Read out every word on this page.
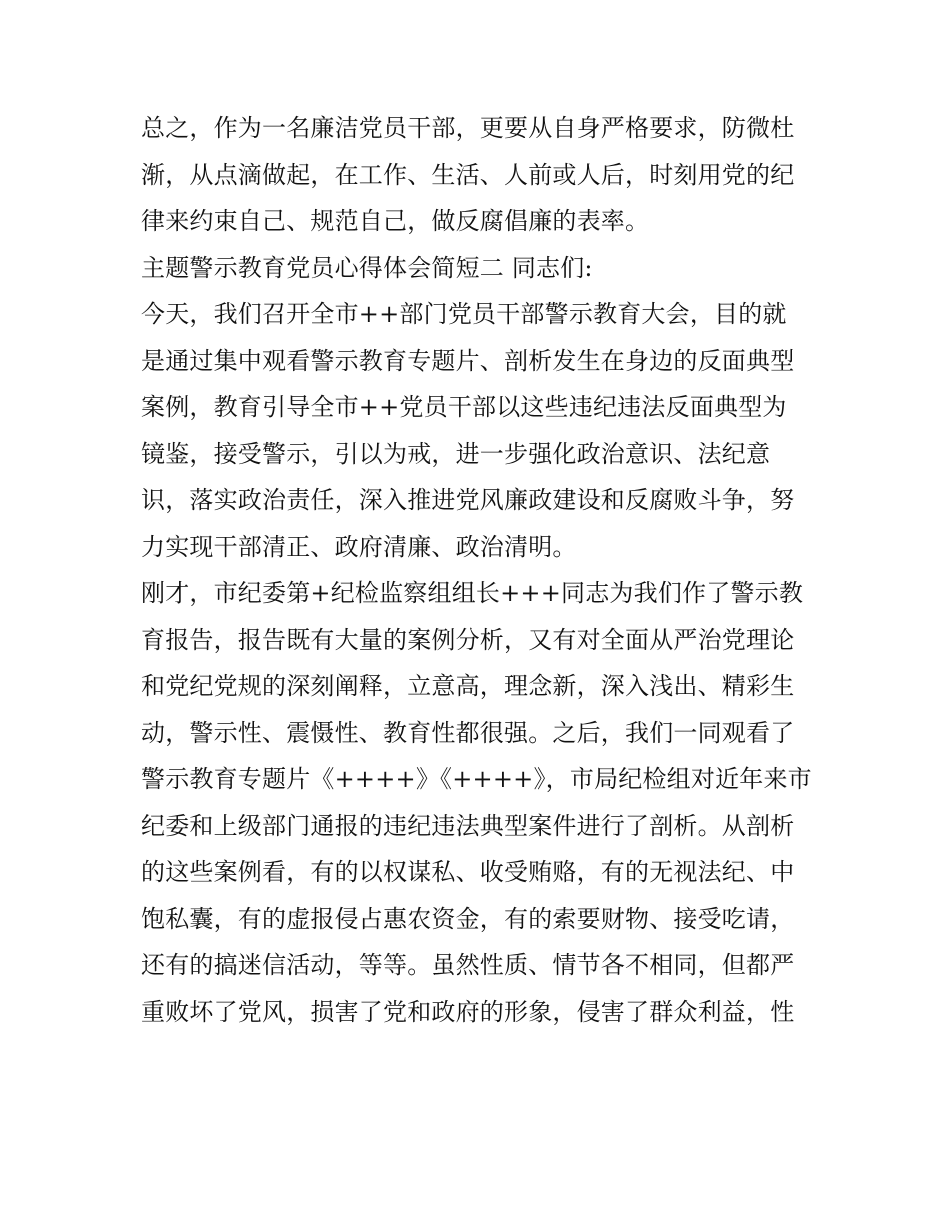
总之，作为一名廉洁党员干部，更要从自身严格要求，防微杜
渐，从点滴做起，在工作、生活、人前或人后，时刻用党的纪
律来约束自己、规范自己，做反腐倡廉的表率。
主题警示教育党员心得体会简短二 同志们:
今天，我们召开全市++部门党员干部警示教育大会，目的就
是通过集中观看警示教育专题片、剖析发生在身边的反面典型
案例，教育引导全市++党员干部以这些违纪违法反面典型为
镜鉴，接受警示，引以为戒，进一步强化政治意识、法纪意
识，落实政治责任，深入推进党风廉政建设和反腐败斗争，努
力实现干部清正、政府清廉、政治清明。
刚才，市纪委第+纪检监察组组长+++同志为我们作了警示教
育报告，报告既有大量的案例分析，又有对全面从严治党理论
和党纪党规的深刻阐释，立意高，理念新，深入浅出、精彩生
动，警示性、震慑性、教育性都很强。之后，我们一同观看了
警示教育专题片《++++》《++++》，市局纪检组对近年来市
纪委和上级部门通报的违纪违法典型案件进行了剖析。从剖析
的这些案例看，有的以权谋私、收受贿赂，有的无视法纪、中
饱私囊，有的虚报侵占惠农资金，有的索要财物、接受吃请，
还有的搞迷信活动，等等。虽然性质、情节各不相同，但都严
重败坏了党风，损害了党和政府的形象，侵害了群众利益，性
